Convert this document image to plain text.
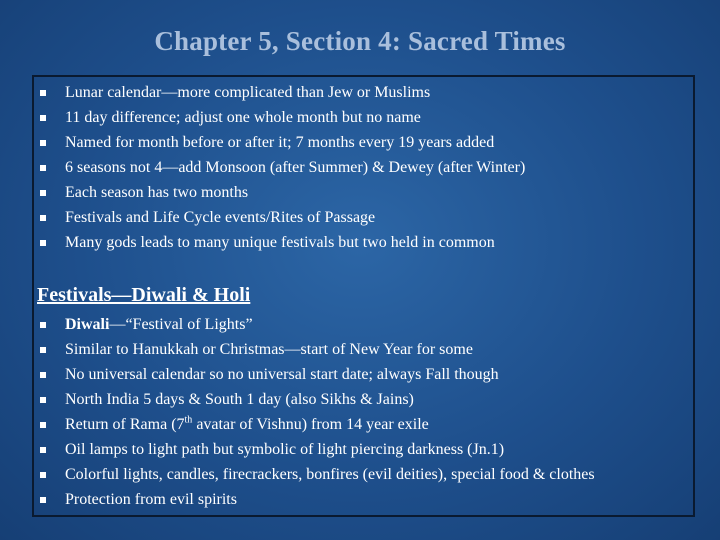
Chapter 5, Section 4: Sacred Times
Lunar calendar—more complicated than Jew or Muslims
11 day difference; adjust one whole month but no name
Named for month before or after it; 7 months every 19 years added
6 seasons not 4—add Monsoon (after Summer) & Dewey (after Winter)
Each season has two months
Festivals and Life Cycle events/Rites of Passage
Many gods leads to many unique festivals but two held in common
Festivals—Diwali & Holi
Diwali—“Festival of Lights”
Similar to Hanukkah or Christmas—start of New Year for some
No universal calendar so no universal start date; always Fall though
North India 5 days & South 1 day (also Sikhs & Jains)
Return of Rama (7th avatar of Vishnu) from 14 year exile
Oil lamps to light path but symbolic of light piercing darkness (Jn.1)
Colorful lights, candles, firecrackers, bonfires (evil deities), special food & clothes
Protection from evil spirits
